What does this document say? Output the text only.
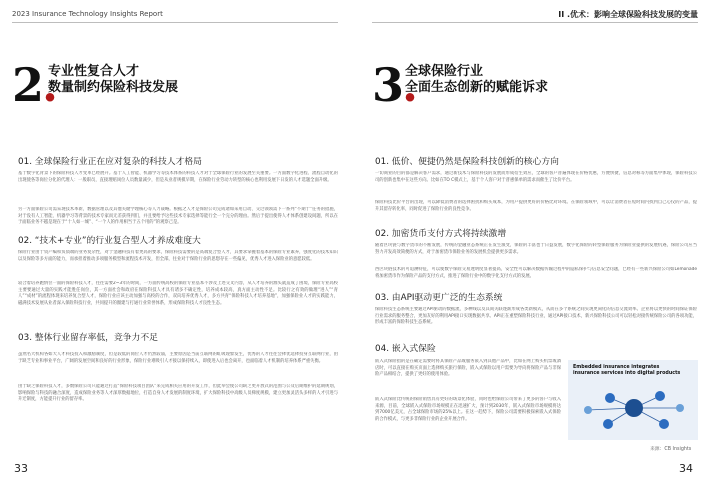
2023 Insurance Technology Insights Report	II .优术：影响全球保险科技发展的变量
2.
专业性复合人才
数量制约保险科技发展
01. 全球保险行业正在应对复杂的科技人才格局
基于数字化背景下的保险科技人才变革已经展开。基于人工智能、机器学习等技术体系的科技人才对于全球保险行业的发展至关重要。一方面数字化进程、流程自动化的出现使各等岗位分化的代理人：一般职员，直接理赔岗位人员数量减少，但是从业者规模早期，在保险行业劳动力转型的核心也利用发展下日发的人才选题全面升级。
另一方面保险公司需采现技术革新，数据管理以及其他关键学理核心等人力战略。根据之人才是保险公司完成诸如采用自动、交过领领需下一系列“不期于”任务的措施，对于没有人工智能、机器学习等背景的技术专家而无差获得到们，并且要给予这些技术专家选择等能行全一个完分的理由。然后于提出使得人才体系创建设间题，所以在于面临业务不越是现在于“十人如一城”、“一个人的作用相当于五个用的”的观察己是。
02. “技术+专业”的行业复合型人才养成难度大
保险行业由于资产编和负债端的业务复杂性，对于金融科技有着更高的要求，保险科技需要的是高端复合型人才，其要求掌握着基本的保险专业素养，强度化的技术知识以及保险等多方面的能力，而承担着推动多项服务模型和流程技术开发，但全部，往业对于保险行业的思想存在一些偏见，优秀人才进入保险业的意愿较低。
较合着培养跑情位一面的保险科技人才，往往需要2~3年的时间，一方面传统高校的保险专业基本不涉及上述交叉内容，从人才培养的源头就造成了困境，保险专业高校主要要通过大量的实践才能胜任岗位，其一方面社会和政府在保险科技人才具有诸多不确定性，培养成本较高，真方面主动性不足。比较行之有效的做理“进人”“育人”“成材”的流程体现来培养复合型人才，保险行业应该主动加强与高校的合作，双向培养优秀人才，多方共育“保险科技人才培养基地”，加强保险业人才的实践能力，磁满技术发展从业者深入保险科技行业，共同提升的圈建与打通行业荣誉体系，形成保险科技人才良性生态。
03. 整体行业留存率低，竞争力不足
虽然名大机构各如大人才科技投入和激励制度，但是较低的岗位人才仍然较弱，主要原因是当前互联网的虹吸现象发生，优秀的人才往往会择优选择投身互联网行业，由于缺乏专业和事业平台，广阔的发展空间和良好的行业形象，保险行业难吸引人才接以保持续入，即使进入后也会离开，也面临着人才机制的培养体系严重失衡。
由于缺乏保险科技人才，多数保险公司只能通过打造“保险科技项目团队”来完成相关应用的开发工作，但此举会使公司缺乏更开放式的范围与公及后期维护的延期规划，影响保险与科技的融合深度，造成保险业务等人才深厚数据地位，打造自身人才发展的制度环境，扩大保险科技中高级人员梯度规模，建立更加灵活头多样的人才引进与升迁制度，方能提升行业的留存率。
33
3.
全球保险行业
全面生态创新的赋能诉求
01. 低价、便捷仍然是保险科技创新的核心方向
一切商业的目的都是解决客户需求，通过新技术与保险科技的发展而形成衍生效应，全球的客户普遍体现在价格优惠，方便快捷，信息对称等方面集中体现，保险科技公司的创新也集中在这些方向。比如在TO C模式上，基于个人客户对于普惠保单的需求而催生了比价平台。
保险科技比价平台的出现，可以降低消费者的选择困扰和购买成本，为用户提供更好的价格比对环境。在保险领域中，可以让消费者在短时间内找到自己心仪的产品，提升其留存转化率，同时促进了保险行业的良性竞争。
02. 加密货币支付方式将持续激增
随着区块链与数字货币的不断发展，传统的金融业态系统正在发生演变，保险的丰富也于日益发展，数字化保险的转型保险服务为保险业提供的发展机遇，保险公司应当努力开发高效简便的方式，对于加密货币保险业务的发展机会提供更多需求。
西区块链技术的可追溯特征，可以使数字保险交易透明度显著提高，安全性可以解决数据传输过程中的隐私保护与信息安全问题，已经有一些新兴保险公司如Lemonade将加密货币作为保险产品的支付方式，推进了保险行业中的数字化支付方式的发展。
03. 由API驱动更广泛的生态系统
保险科技生态系统主要通过API驱动的数据流，多种线以及其间关联逐渐形成各类新模式，从而在多个系统之间实现更简化的信息交流效率。企业将以更快的时间保证保险行业需求的服务整合，更加友好的利用API接口实现数据共享。API正在重塑保险科技行业，通过API接口技术，新兴保险科技公司可以轻松对接传统保险公司的各项功能，形成丰富的保险科技生态系统。
04. 嵌入式保险
嵌入式保险指的是在确定需要时将其保险产品或服务嵌入到其他产品中，比如在网上购买机票或酒店时，可以直接在购买页面上选择购买旅行保险，嵌入式保险以用户需要为导向将保险产品与非保险产品相结合，提供了更好的使用体验。
嵌入式保险比传统的保险销售具有更好的场景化体验，同时也给保险公司带来了更多的客户与收入来源，目前，全球嵌入式保险市场规模正在迅速扩大，预计到2030年，嵌入式保险市场规模将达到7000亿美元，占全球保险市场的25%以上。在这一趋势下，保险公司需要积极探索嵌入式保险的合作模式，与更多非保险行业的企业开展合作。
Embedded insurance integrates insurance services into digital products
来源：CB Insights
34
